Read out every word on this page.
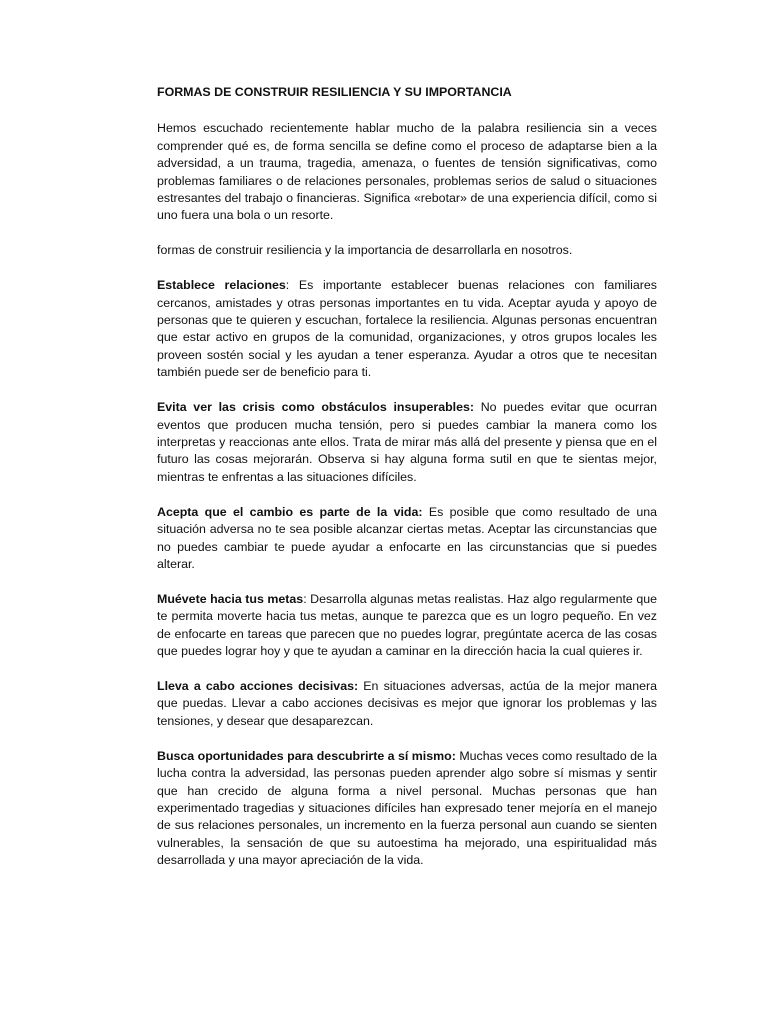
FORMAS DE CONSTRUIR RESILIENCIA Y SU IMPORTANCIA

Hemos escuchado recientemente hablar mucho de la palabra resiliencia sin a veces comprender qué es, de forma sencilla se define como el proceso de adaptarse bien a la adversidad, a un trauma, tragedia, amenaza, o fuentes de tensión significativas, como problemas familiares o de relaciones personales, problemas serios de salud o situaciones estresantes del trabajo o financieras. Significa «rebotar» de una experiencia difícil, como si uno fuera una bola o un resorte.

formas de construir resiliencia y la importancia de desarrollarla en nosotros.

Establece relaciones: Es importante establecer buenas relaciones con familiares cercanos, amistades y otras personas importantes en tu vida. Aceptar ayuda y apoyo de personas que te quieren y escuchan, fortalece la resiliencia. Algunas personas encuentran que estar activo en grupos de la comunidad, organizaciones, y otros grupos locales les proveen sostén social y les ayudan a tener esperanza. Ayudar a otros que te necesitan también puede ser de beneficio para ti.

Evita ver las crisis como obstáculos insuperables: No puedes evitar que ocurran eventos que producen mucha tensión, pero si puedes cambiar la manera como los interpretas y reaccionas ante ellos. Trata de mirar más allá del presente y piensa que en el futuro las cosas mejorarán. Observa si hay alguna forma sutil en que te sientas mejor, mientras te enfrentas a las situaciones difíciles.

Acepta que el cambio es parte de la vida: Es posible que como resultado de una situación adversa no te sea posible alcanzar ciertas metas. Aceptar las circunstancias que no puedes cambiar te puede ayudar a enfocarte en las circunstancias que si puedes alterar.

Muévete hacia tus metas: Desarrolla algunas metas realistas. Haz algo regularmente que te permita moverte hacia tus metas, aunque te parezca que es un logro pequeño. En vez de enfocarte en tareas que parecen que no puedes lograr, pregúntate acerca de las cosas que puedes lograr hoy y que te ayudan a caminar en la dirección hacia la cual quieres ir.

Lleva a cabo acciones decisivas: En situaciones adversas, actúa de la mejor manera que puedas. Llevar a cabo acciones decisivas es mejor que ignorar los problemas y las tensiones, y desear que desaparezcan.

Busca oportunidades para descubrirte a sí mismo: Muchas veces como resultado de la lucha contra la adversidad, las personas pueden aprender algo sobre sí mismas y sentir que han crecido de alguna forma a nivel personal. Muchas personas que han experimentado tragedias y situaciones difíciles han expresado tener mejoría en el manejo de sus relaciones personales, un incremento en la fuerza personal aun cuando se sienten vulnerables, la sensación de que su autoestima ha mejorado, una espiritualidad más desarrollada y una mayor apreciación de la vida.
